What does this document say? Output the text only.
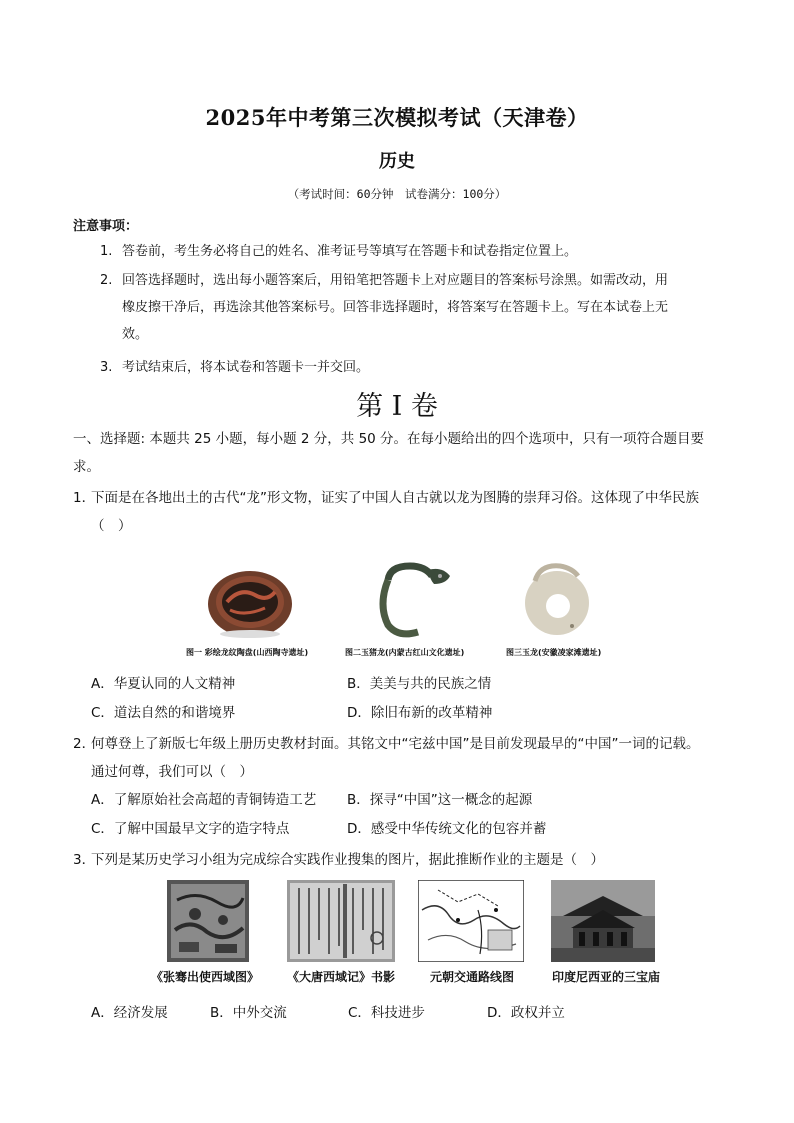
2025年中考第三次模拟考试（天津卷）
历史
（考试时间：60分钟　试卷满分：100分）
注意事项：
1. 答卷前，考生务必将自己的姓名、准考证号等填写在答题卡和试卷指定位置上。
2. 回答选择题时，选出每小题答案后，用铅笔把答题卡上对应题目的答案标号涂黑。如需改动，用
橡皮擦干净后，再选涂其他答案标号。回答非选择题时，将答案写在答题卡上。写在本试卷上无
效。
3. 考试结束后，将本试卷和答题卡一并交回。
第 I 卷
一、选择题: 本题共 25 小题，每小题 2 分，共 50 分。在每小题给出的四个选项中，只有一项符合题目要
求。
1．下面是在各地出土的古代“龙”形文物，证实了中国人自古就以龙为图腾的崇拜习俗。这体现了中华民族
（　）
图一 彩绘龙纹陶盘(山西陶寺遗址)	图二玉猪龙(内蒙古红山文化遗址)	图三玉龙(安徽凌家滩遗址)
A．华夏认同的人文精神	B．美美与共的民族之情
C．道法自然的和谐境界	D．除旧布新的改革精神
2．何尊登上了新版七年级上册历史教材封面。其铭文中“宅兹中国”是目前发现最早的“中国”一词的记载。
通过何尊，我们可以（　）
A．了解原始社会高超的青铜铸造工艺 B．探寻“中国”这一概念的起源
C．了解中国最早文字的造字特点	D．感受中华传统文化的包容并蓄
3．下列是某历史学习小组为完成综合实践作业搜集的图片，据此推断作业的主题是（　）
《张骞出使西域图》	《大唐西域记》书影	元朝交通路线图	印度尼西亚的三宝庙
A．经济发展	B．中外交流	C．科技进步	D．政权并立
